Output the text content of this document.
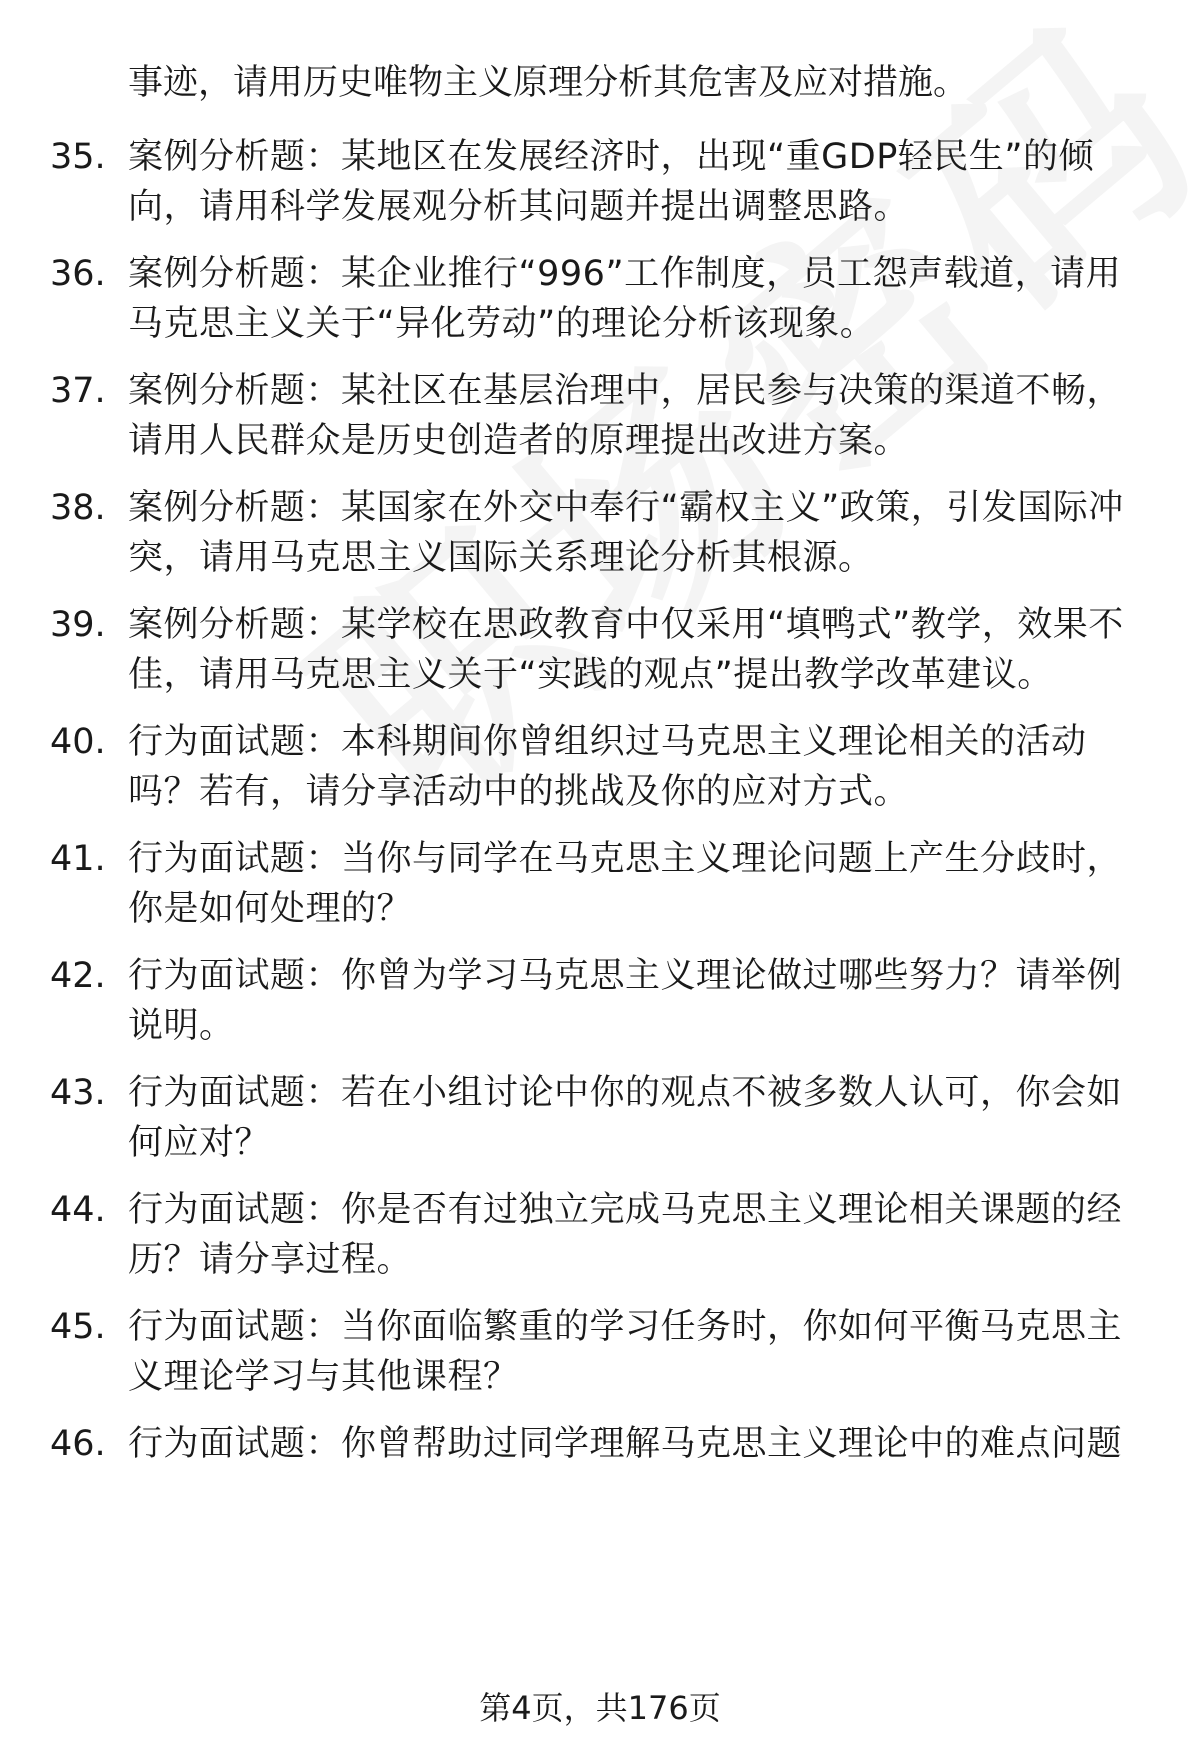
事迹，请用历史唯物主义原理分析其危害及应对措施。
35. 案例分析题：某地区在发展经济时，出现“重GDP轻民生”的倾向，请用科学发展观分析其问题并提出调整思路。
36. 案例分析题：某企业推行“996”工作制度，员工怨声载道，请用马克思主义关于“异化劳动”的理论分析该现象。
37. 案例分析题：某社区在基层治理中，居民参与决策的渠道不畅，请用人民群众是历史创造者的原理提出改进方案。
38. 案例分析题：某国家在外交中奉行“霸权主义”政策，引发国际冲突，请用马克思主义国际关系理论分析其根源。
39. 案例分析题：某学校在思政教育中仅采用“填鸭式”教学，效果不佳，请用马克思主义关于“实践的观点”提出教学改革建议。
40. 行为面试题：本科期间你曾组织过马克思主义理论相关的活动吗？若有，请分享活动中的挑战及你的应对方式。
41. 行为面试题：当你与同学在马克思主义理论问题上产生分歧时，你是如何处理的？
42. 行为面试题：你曾为学习马克思主义理论做过哪些努力？请举例说明。
43. 行为面试题：若在小组讨论中你的观点不被多数人认可，你会如何应对？
44. 行为面试题：你是否有过独立完成马克思主义理论相关课题的经历？请分享过程。
45. 行为面试题：当你面临繁重的学习任务时，你如何平衡马克思主义理论学习与其他课程？
46. 行为面试题：你曾帮助过同学理解马克思主义理论中的难点问题
第4页，共176页
